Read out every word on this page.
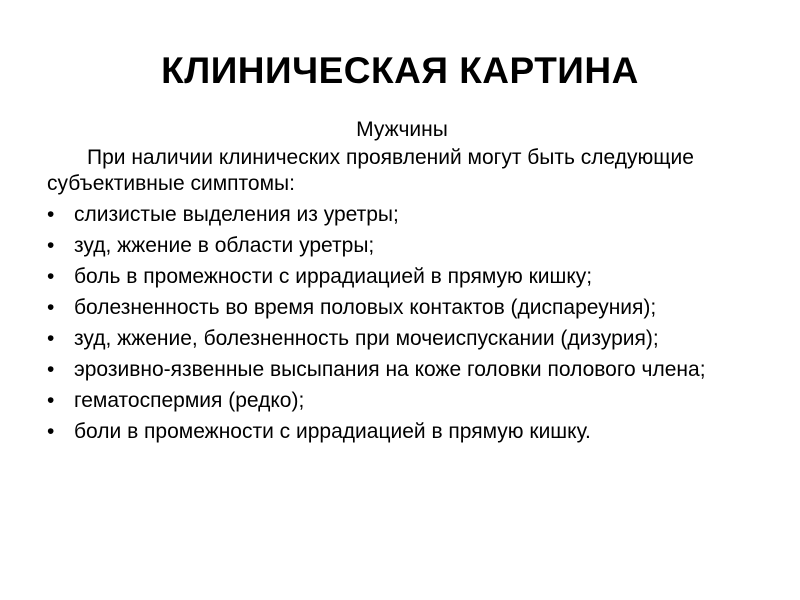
КЛИНИЧЕСКАЯ КАРТИНА
Мужчины
При наличии клинических проявлений могут быть следующие субъективные симптомы:
• слизистые выделения из уретры;
• зуд, жжение в области уретры;
• боль в промежности с иррадиацией в прямую кишку;
• болезненность во время половых контактов (диспареуния);
• зуд, жжение, болезненность при мочеиспускании (дизурия);
• эрозивно-язвенные высыпания на коже головки полового члена;
• гематоспермия (редко);
• боли в промежности с иррадиацией в прямую кишку.
